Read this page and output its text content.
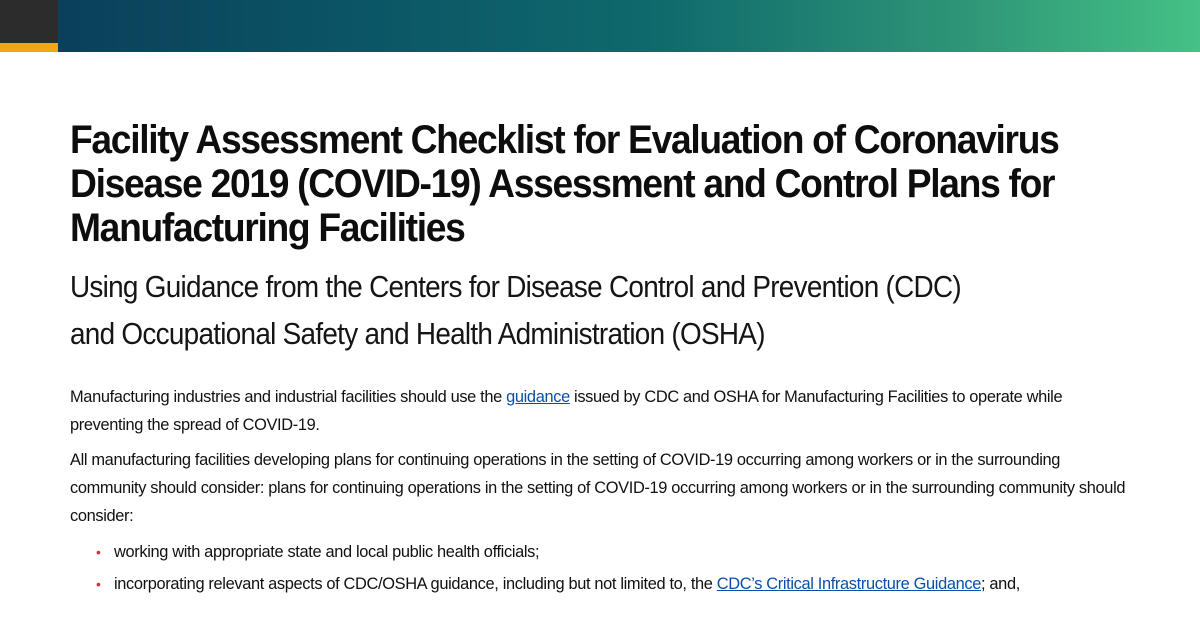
Facility Assessment Checklist for Evaluation of Coronavirus Disease 2019 (COVID-19) Assessment and Control Plans for Manufacturing Facilities
Using Guidance from the Centers for Disease Control and Prevention (CDC)
and Occupational Safety and Health Administration (OSHA)

Manufacturing industries and industrial facilities should use the guidance issued by CDC and OSHA for Manufacturing Facilities to operate while preventing the spread of COVID-19.

All manufacturing facilities developing plans for continuing operations in the setting of COVID-19 occurring among workers or in the surrounding community should consider: plans for continuing operations in the setting of COVID-19 occurring among workers or in the surrounding community should consider:

• working with appropriate state and local public health officials;
• incorporating relevant aspects of CDC/OSHA guidance, including but not limited to, the CDC’s Critical Infrastructure Guidance; and,
